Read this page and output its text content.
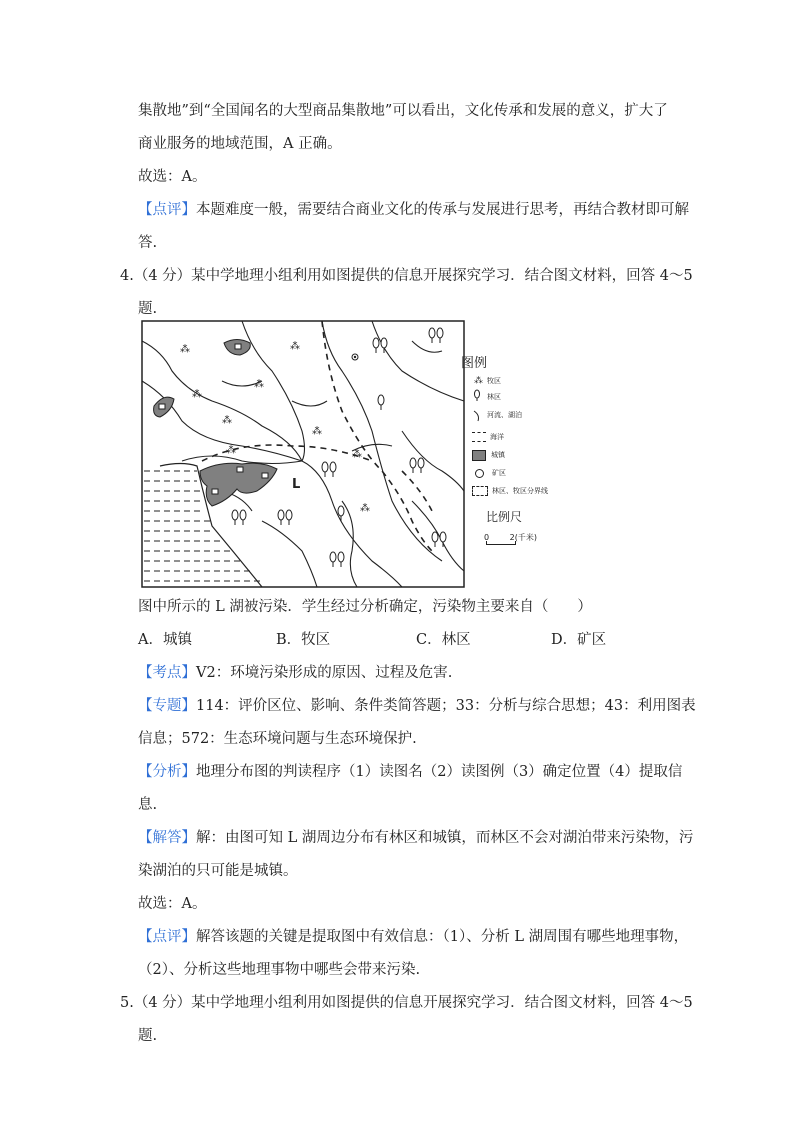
集散地”到“全国闻名的大型商品集散地”可以看出，文化传承和发展的意义，扩大了
商业服务的地域范围，A 正确。
故选：A。
【点评】本题难度一般，需要结合商业文化的传承与发展进行思考，再结合教材即可解
答.
4.（4 分）某中学地理小组利用如图提供的信息开展探究学习．结合图文材料，回答 4～5
题.
⁂	⁂
⁂
⁂
⁂
⁂
⁂
⁂
⁂
L
图例
⁂ 牧区
林区
河流、湖泊
海洋
城镇
矿区
林区、牧区分界线
比例尺
0	2(千米)
图中所示的 L 湖被污染．学生经过分析确定，污染物主要来自（　　）
A．城镇	B．牧区	C．林区	D．矿区
【考点】V2：环境污染形成的原因、过程及危害.
【专题】114：评价区位、影响、条件类简答题；33：分析与综合思想；43：利用图表
信息；572：生态环境问题与生态环境保护.
【分析】地理分布图的判读程序（1）读图名（2）读图例（3）确定位置（4）提取信
息.
【解答】解：由图可知 L 湖周边分布有林区和城镇，而林区不会对湖泊带来污染物，污
染湖泊的只可能是城镇。
故选：A。
【点评】解答该题的关键是提取图中有效信息：（1）、分析 L 湖周围有哪些地理事物，
（2）、分析这些地理事物中哪些会带来污染.
5.（4 分）某中学地理小组利用如图提供的信息开展探究学习．结合图文材料，回答 4～5
题.
